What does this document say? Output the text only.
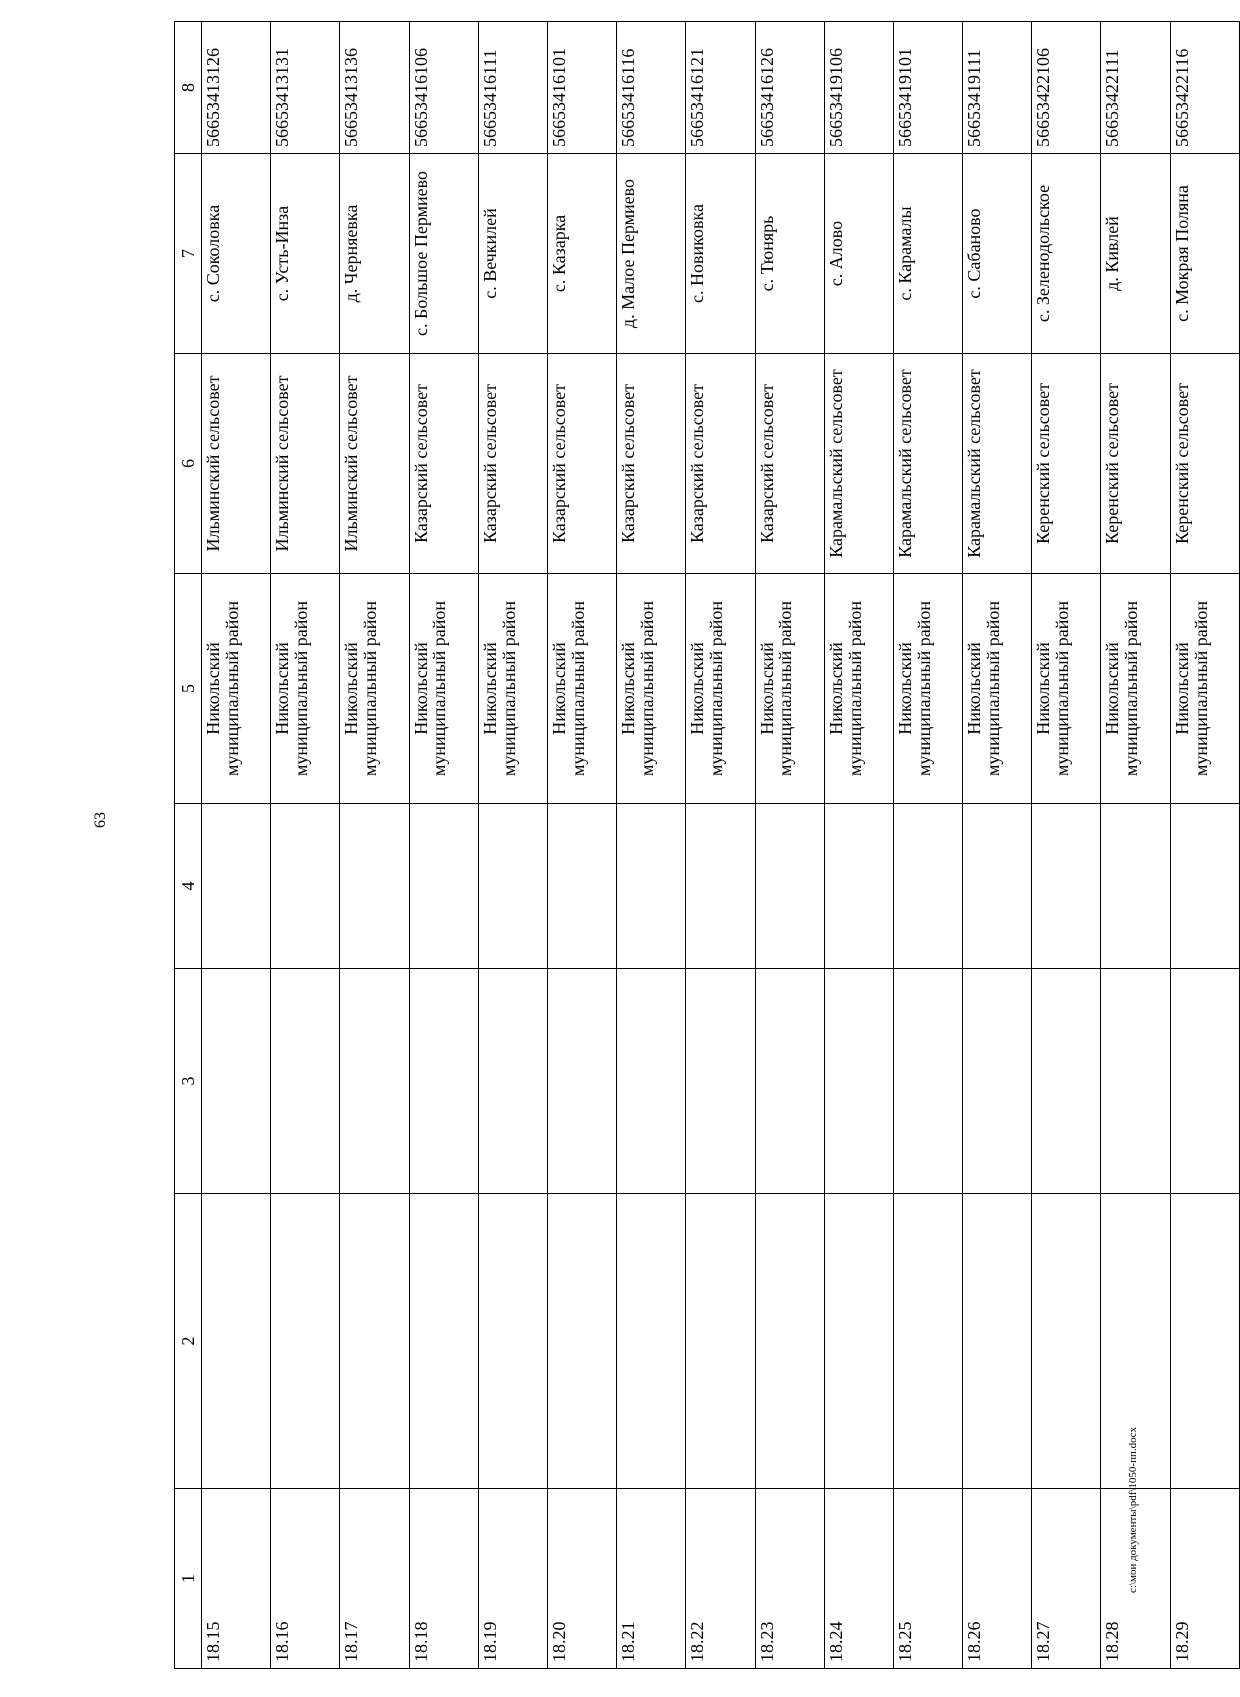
63
1	2	3	4	5	6	7	8
18.15				Никольский муниципальный район	Ильминский сельсовет	с. Соколовка	56653413126
18.16				Никольский муниципальный район	Ильминский сельсовет	с. Усть-Инза	56653413131
18.17				Никольский муниципальный район	Ильминский сельсовет	д. Черняевка	56653413136
18.18				Никольский муниципальный район	Казарский сельсовет	с. Большое Пермиево	56653416106
18.19				Никольский муниципальный район	Казарский сельсовет	с. Вечкилей	56653416111
18.20				Никольский муниципальный район	Казарский сельсовет	с. Казарка	56653416101
18.21				Никольский муниципальный район	Казарский сельсовет	д. Малое Пермиево	56653416116
18.22				Никольский муниципальный район	Казарский сельсовет	с. Новиковка	56653416121
18.23				Никольский муниципальный район	Казарский сельсовет	с. Тюнярь	56653416126
18.24				Никольский муниципальный район	Карамальский сельсовет	с. Алово	56653419106
18.25				Никольский муниципальный район	Карамальский сельсовет	с. Карамалы	56653419101
18.26				Никольский муниципальный район	Карамальский сельсовет	с. Сабаново	56653419111
18.27				Никольский муниципальный район	Керенский сельсовет	с. Зеленодольское	56653422106
18.28				Никольский муниципальный район	Керенский сельсовет	д. Кивлей	56653422111
18.29				Никольский муниципальный район	Керенский сельсовет	с. Мокрая Поляна	56653422116
c:\мои документы\pdf\1050-пп.docx
